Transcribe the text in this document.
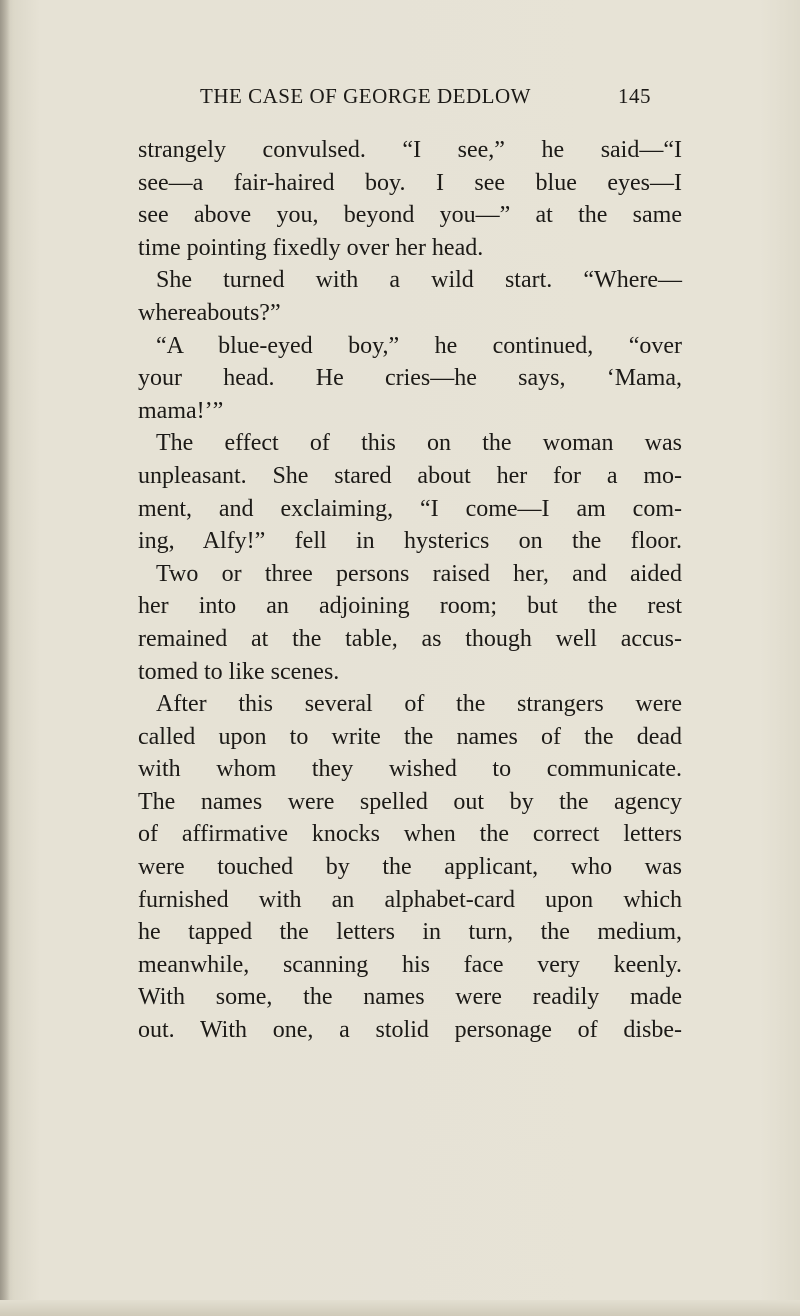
THE CASE OF GEORGE DEDLOW	145
strangely convulsed. “I see,” he said—“I
see—a fair-haired boy. I see blue eyes—I
see above you, beyond you—” at the same
time pointing fixedly over her head.
She turned with a wild start. “Where—
whereabouts?”
“A blue-eyed boy,” he continued, “over
your head. He cries—he says, ‘Mama,
mama!’”
The effect of this on the woman was
unpleasant. She stared about her for a mo-
ment, and exclaiming, “I come—I am com-
ing, Alfy!” fell in hysterics on the floor.
Two or three persons raised her, and aided
her into an adjoining room; but the rest
remained at the table, as though well accus-
tomed to like scenes.
After this several of the strangers were
called upon to write the names of the dead
with whom they wished to communicate.
The names were spelled out by the agency
of affirmative knocks when the correct letters
were touched by the applicant, who was
furnished with an alphabet-card upon which
he tapped the letters in turn, the medium,
meanwhile, scanning his face very keenly.
With some, the names were readily made
out. With one, a stolid personage of disbe-
